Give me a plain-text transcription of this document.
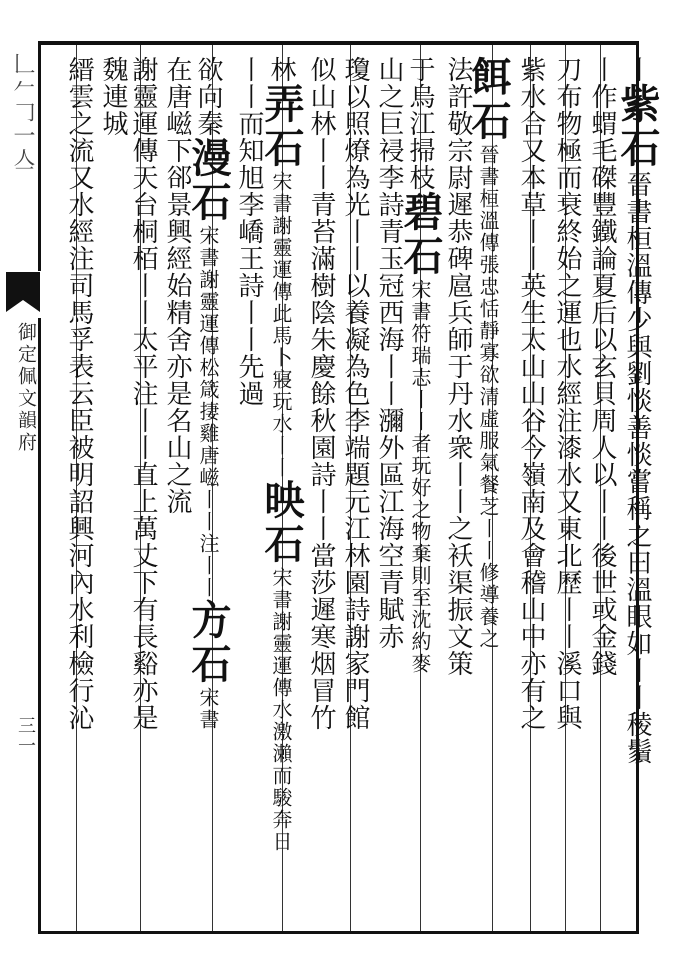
𠃊𠂉𠃌一亼
御定佩文韻府
三一
丨紫石晉書桓溫傳少與劉惔善惔嘗稱之曰溫眼如丨丨稜鬚
丨作蝟毛磔豐鐵論夏后以玄貝周人以丨丨後世或金錢
刀布物極而衰終始之運也水經注漆水又東北歷丨丨溪口與
紫水合又本草丨丨英生太山山谷今嶺南及會稽山中亦有之
餌石晉書桓溫傳張忠恬靜寡欲清虛服氣餐芝丨丨修導養之
法許敬宗尉遲恭碑扈兵師于丹水衆丨丨之袄渠振文策
于烏江掃枝碧石宋書符瑞志丨丨者玩好之物棄則至沈約麥
山之巨祲李詩青玉冠西海丨丨瀰外區江海空青賦赤
瓊以照燎為光丨丨以養凝為色李端題元江林園詩謝家門館
似山林丨丨青苔滿樹陰朱慶餘秋園詩丨丨當莎遲寒烟冒竹
林弄石宋書謝靈運傳此馬卜寢玩水丨丨映石宋書謝靈運傳水激瀨而駿奔日
丨丨而知旭李嶠王詩丨丨先過
欲向秦漫石宋書謝靈運傳松箴捿雞唐嵫丨丨注丨丨方石宋書
在唐嵫下郤景興經始精舍亦是名山之流
謝靈運傳天台桐栢丨丨太平注丨丨直上萬丈下有長谿亦是
魏連城
縉雲之流又水經注司馬孚表云臣被明詔興河內水利檢行沁
